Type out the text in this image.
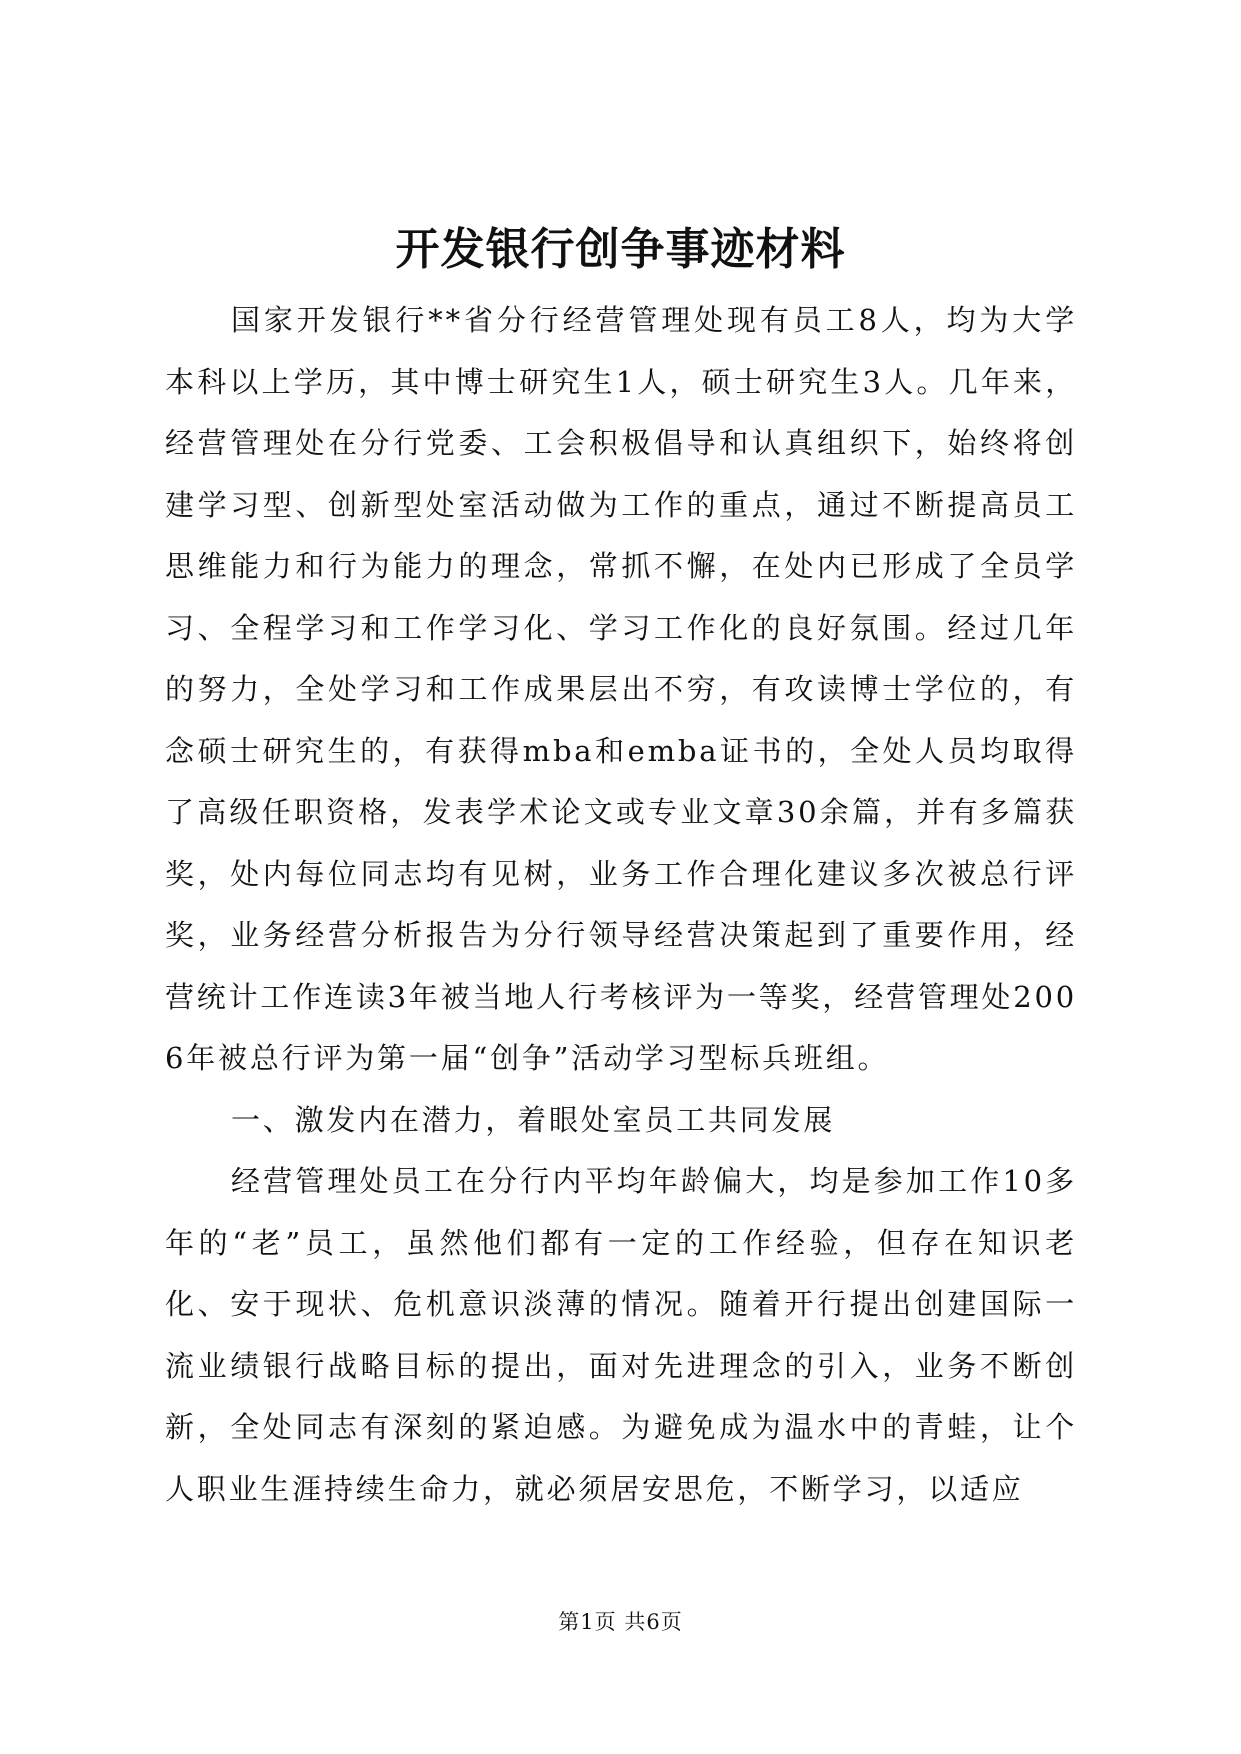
开发银行创争事迹材料

国家开发银行**省分行经营管理处现有员工8人，均为大学本科以上学历，其中博士研究生1人，硕士研究生3人。几年来，经营管理处在分行党委、工会积极倡导和认真组织下，始终将创建学习型、创新型处室活动做为工作的重点，通过不断提高员工思维能力和行为能力的理念，常抓不懈，在处内已形成了全员学习、全程学习和工作学习化、学习工作化的良好氛围。经过几年的努力，全处学习和工作成果层出不穷，有攻读博士学位的，有念硕士研究生的，有获得mba和emba证书的，全处人员均取得了高级任职资格，发表学术论文或专业文章30余篇，并有多篇获奖，处内每位同志均有见树，业务工作合理化建议多次被总行评奖，业务经营分析报告为分行领导经营决策起到了重要作用，经营统计工作连读3年被当地人行考核评为一等奖，经营管理处2006年被总行评为第一届“创争”活动学习型标兵班组。

一、激发内在潜力，着眼处室员工共同发展

经营管理处员工在分行内平均年龄偏大，均是参加工作10多年的“老”员工，虽然他们都有一定的工作经验，但存在知识老化、安于现状、危机意识淡薄的情况。随着开行提出创建国际一流业绩银行战略目标的提出，面对先进理念的引入，业务不断创新，全处同志有深刻的紧迫感。为避免成为温水中的青蛙，让个人职业生涯持续生命力，就必须居安思危，不断学习，以适应

第1页 共6页
